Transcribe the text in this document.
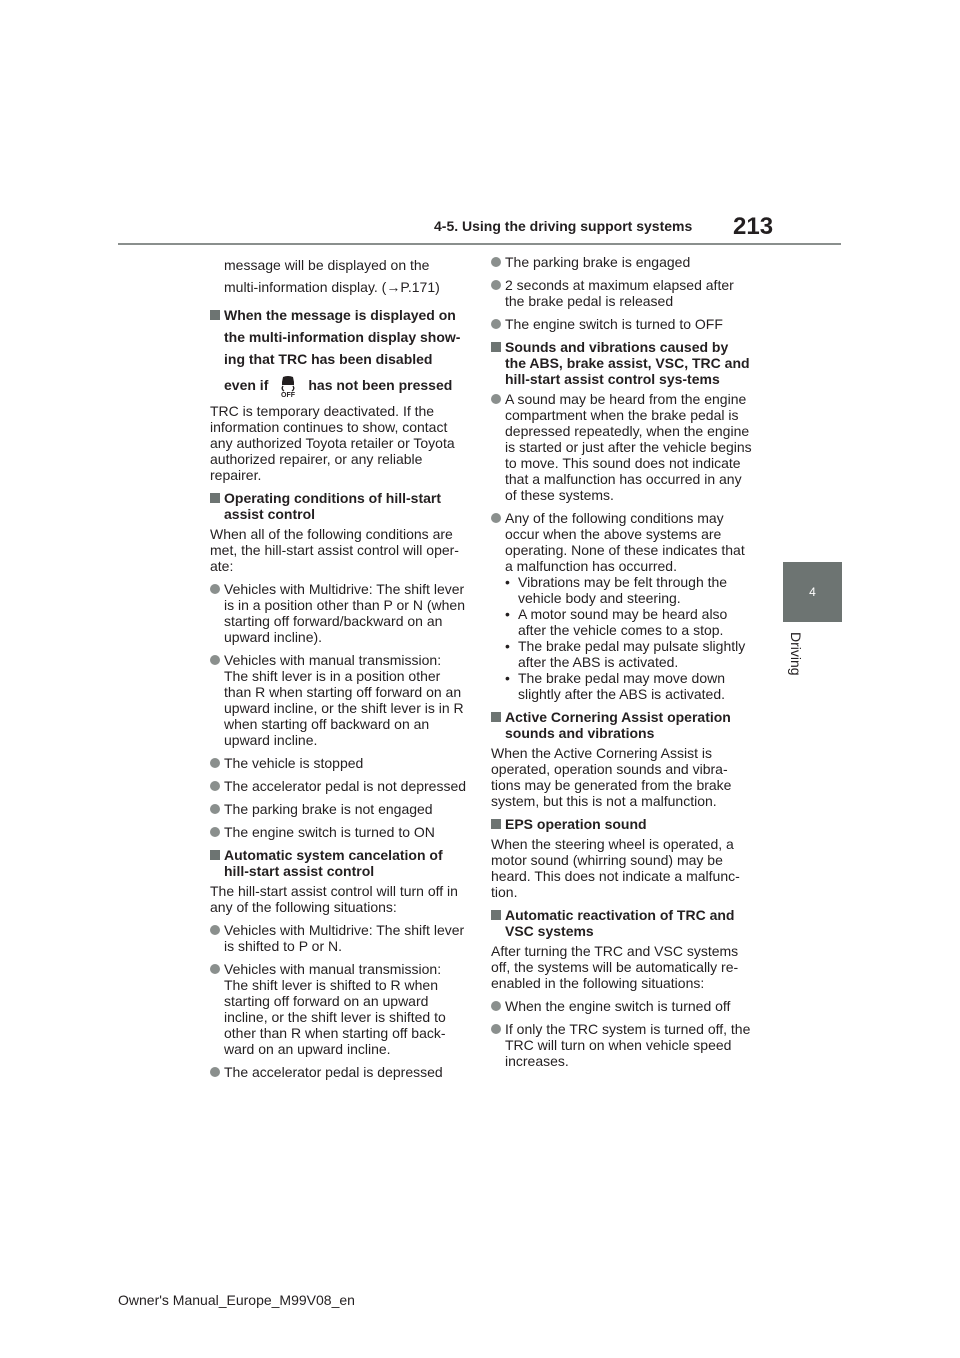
4-5. Using the driving support systems 213
4
Driving
message will be displayed on the
multi-information display. (→P.171)
When the message is displayed on
the multi-information display show-
ing that TRC has been disabled
even if
OFF
has not been pressed

TRC is temporary deactivated. If the information continues to show, contact any authorized Toyota retailer or Toyota authorized repairer, or any reliable repairer.

Operating conditions of hill-start assist control

When all of the following conditions are met, the hill-start assist control will oper-ate:

Vehicles with Multidrive: The shift lever is in a position other than P or N (when starting off forward/backward on an upward incline).
Vehicles with manual transmission: The shift lever is in a position other than R when starting off forward on an upward incline, or the shift lever is in R when starting off backward on an upward incline.
The vehicle is stopped
The accelerator pedal is not depressed
The parking brake is not engaged
The engine switch is turned to ON
Automatic system cancelation of hill-start assist control

The hill-start assist control will turn off in any of the following situations:

Vehicles with Multidrive: The shift lever is shifted to P or N.
Vehicles with manual transmission: The shift lever is shifted to R when starting off forward on an upward incline, or the shift lever is shifted to other than R when starting off back-ward on an upward incline.
The accelerator pedal is depressed
The parking brake is engaged
2 seconds at maximum elapsed after the brake pedal is released
The engine switch is turned to OFF
Sounds and vibrations caused by the ABS, brake assist, VSC, TRC and hill-start assist control sys-tems
A sound may be heard from the engine compartment when the brake pedal is depressed repeatedly, when the engine is started or just after the vehicle begins to move. This sound does not indicate that a malfunction has occurred in any of these systems.
Any of the following conditions may occur when the above systems are operating. None of these indicates that a malfunction has occurred.
• Vibrations may be felt through the vehicle body and steering.
• A motor sound may be heard also after the vehicle comes to a stop.
• The brake pedal may pulsate slightly after the ABS is activated.
• The brake pedal may move down slightly after the ABS is activated.
Active Cornering Assist operation sounds and vibrations

When the Active Cornering Assist is operated, operation sounds and vibra-tions may be generated from the brake system, but this is not a malfunction.

EPS operation sound

When the steering wheel is operated, a motor sound (whirring sound) may be heard. This does not indicate a malfunc-tion.

Automatic reactivation of TRC and VSC systems

After turning the TRC and VSC systems off, the systems will be automatically re-enabled in the following situations:

When the engine switch is turned off
If only the TRC system is turned off, the TRC will turn on when vehicle speed increases.
Owner's Manual_Europe_M99V08_en
